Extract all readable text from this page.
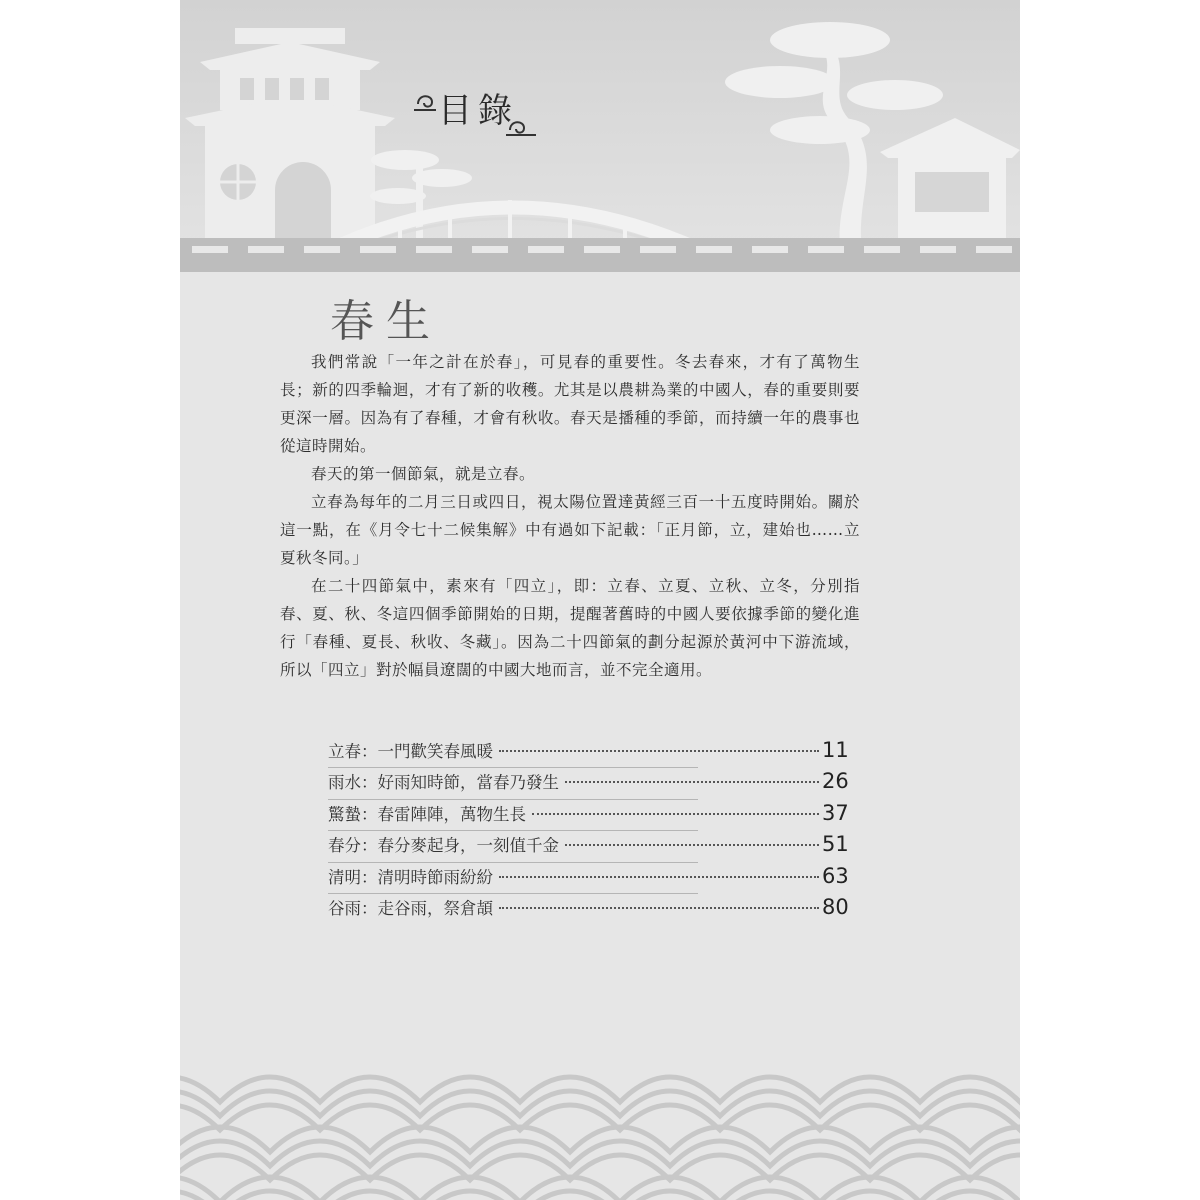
目錄
春生

我們常說「一年之計在於春」，可見春的重要性。冬去春來，才有了萬物生長；新的四季輪迴，才有了新的收穫。尤其是以農耕為業的中國人，春的重要則要更深一層。因為有了春種，才會有秋收。春天是播種的季節，而持續一年的農事也從這時開始。

春天的第一個節氣，就是立春。

立春為每年的二月三日或四日，視太陽位置達黃經三百一十五度時開始。關於這一點，在《月令七十二候集解》中有過如下記載：「正月節，立，建始也……立夏秋冬同。」

在二十四節氣中，素來有「四立」，即：立春、立夏、立秋、立冬，分別指春、夏、秋、冬這四個季節開始的日期，提醒著舊時的中國人要依據季節的變化進行「春種、夏長、秋收、冬藏」。因為二十四節氣的劃分起源於黃河中下游流域，所以「四立」對於幅員遼闊的中國大地而言，並不完全適用。

立春：一門歡笑春風暖	11
雨水：好雨知時節，當春乃發生	26
驚蟄：春雷陣陣，萬物生長	37
春分：春分麥起身，一刻值千金	51
清明：清明時節雨紛紛	63
谷雨：走谷雨，祭倉頡	80
